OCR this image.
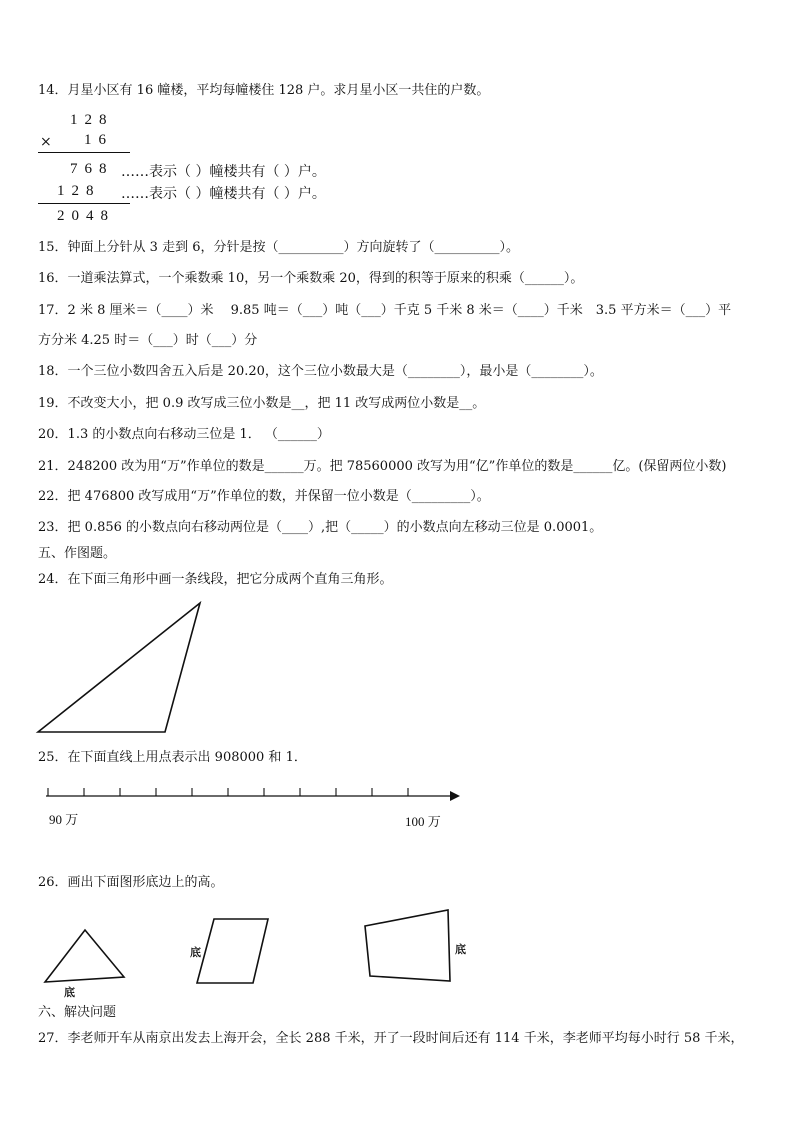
14．月星小区有 16 幢楼，平均每幢楼住 128 户。求月星小区一共住的户数。
128
× 16
768 ……表示（ ）幢楼共有（ ）户。
128 ……表示（ ）幢楼共有（ ）户。
2048
15．钟面上分针从 3 走到 6，分针是按（__________）方向旋转了（__________）。
16．一道乘法算式，一个乘数乘 10，另一个乘数乘 20，得到的积等于原来的积乘（______）。
17．2 米 8 厘米＝（____）米　 9.85 吨＝（___）吨（___）千克 5 千米 8 米＝（____）千米　3.5 平方米＝（___）平
方分米 4.25 时＝（___）时（___）分
18．一个三位小数四舍五入后是 20.20，这个三位小数最大是（________），最小是（________）。
19．不改变大小，把 0.9 改写成三位小数是__，把 11 改写成两位小数是__。
20．1.3 的小数点向右移动三位是 1． （______）
21．248200 改为用“万”作单位的数是______万。把 78560000 改写为用“亿”作单位的数是______亿。(保留两位小数)
22．把 476800 改写成用“万”作单位的数，并保留一位小数是（_________）。
23．把 0.856 的小数点向右移动两位是（____）,把（_____）的小数点向左移动三位是 0.0001。
五、作图题。
24．在下面三角形中画一条线段，把它分成两个直角三角形。
25．在下面直线上用点表示出 908000 和 1．
90 万	100 万
26．画出下面图形底边上的高。
底
底	底
六、解决问题
27．李老师开车从南京出发去上海开会，全长 288 千米，开了一段时间后还有 114 千米，李老师平均每小时行 58 千米，
